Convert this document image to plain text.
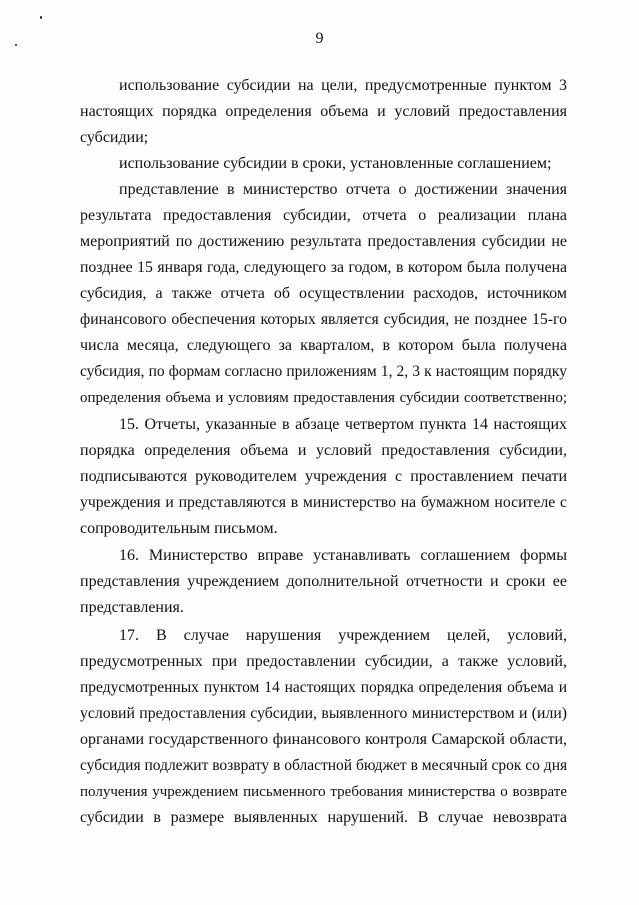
9
использование субсидии на цели, предусмотренные пунктом 3
настоящих порядка определения объема и условий предоставления
субсидии;
использование субсидии в сроки, установленные соглашением;
представление в министерство отчета о достижении значения
результата предоставления субсидии, отчета о реализации плана
мероприятий по достижению результата предоставления субсидии не
позднее 15 января года, следующего за годом, в котором была получена
субсидия, а также отчета об осуществлении расходов, источником
финансового обеспечения которых является субсидия, не позднее 15-го
числа месяца, следующего за кварталом, в котором была получена
субсидия, по формам согласно приложениям 1, 2, 3 к настоящим порядку
определения объема и условиям предоставления субсидии соответственно;
15. Отчеты, указанные в абзаце четвертом пункта 14 настоящих
порядка определения объема и условий предоставления субсидии,
подписываются руководителем учреждения с проставлением печати
учреждения и представляются в министерство на бумажном носителе с
сопроводительным письмом.
16. Министерство вправе устанавливать соглашением формы
представления учреждением дополнительной отчетности и сроки ее
представления.
17. В случае нарушения учреждением целей, условий,
предусмотренных при предоставлении субсидии, а также условий,
предусмотренных пунктом 14 настоящих порядка определения объема и
условий предоставления субсидии, выявленного министерством и (или)
органами государственного финансового контроля Самарской области,
субсидия подлежит возврату в областной бюджет в месячный срок со дня
получения учреждением письменного требования министерства о возврате
субсидии в размере выявленных нарушений. В случае невозврата
